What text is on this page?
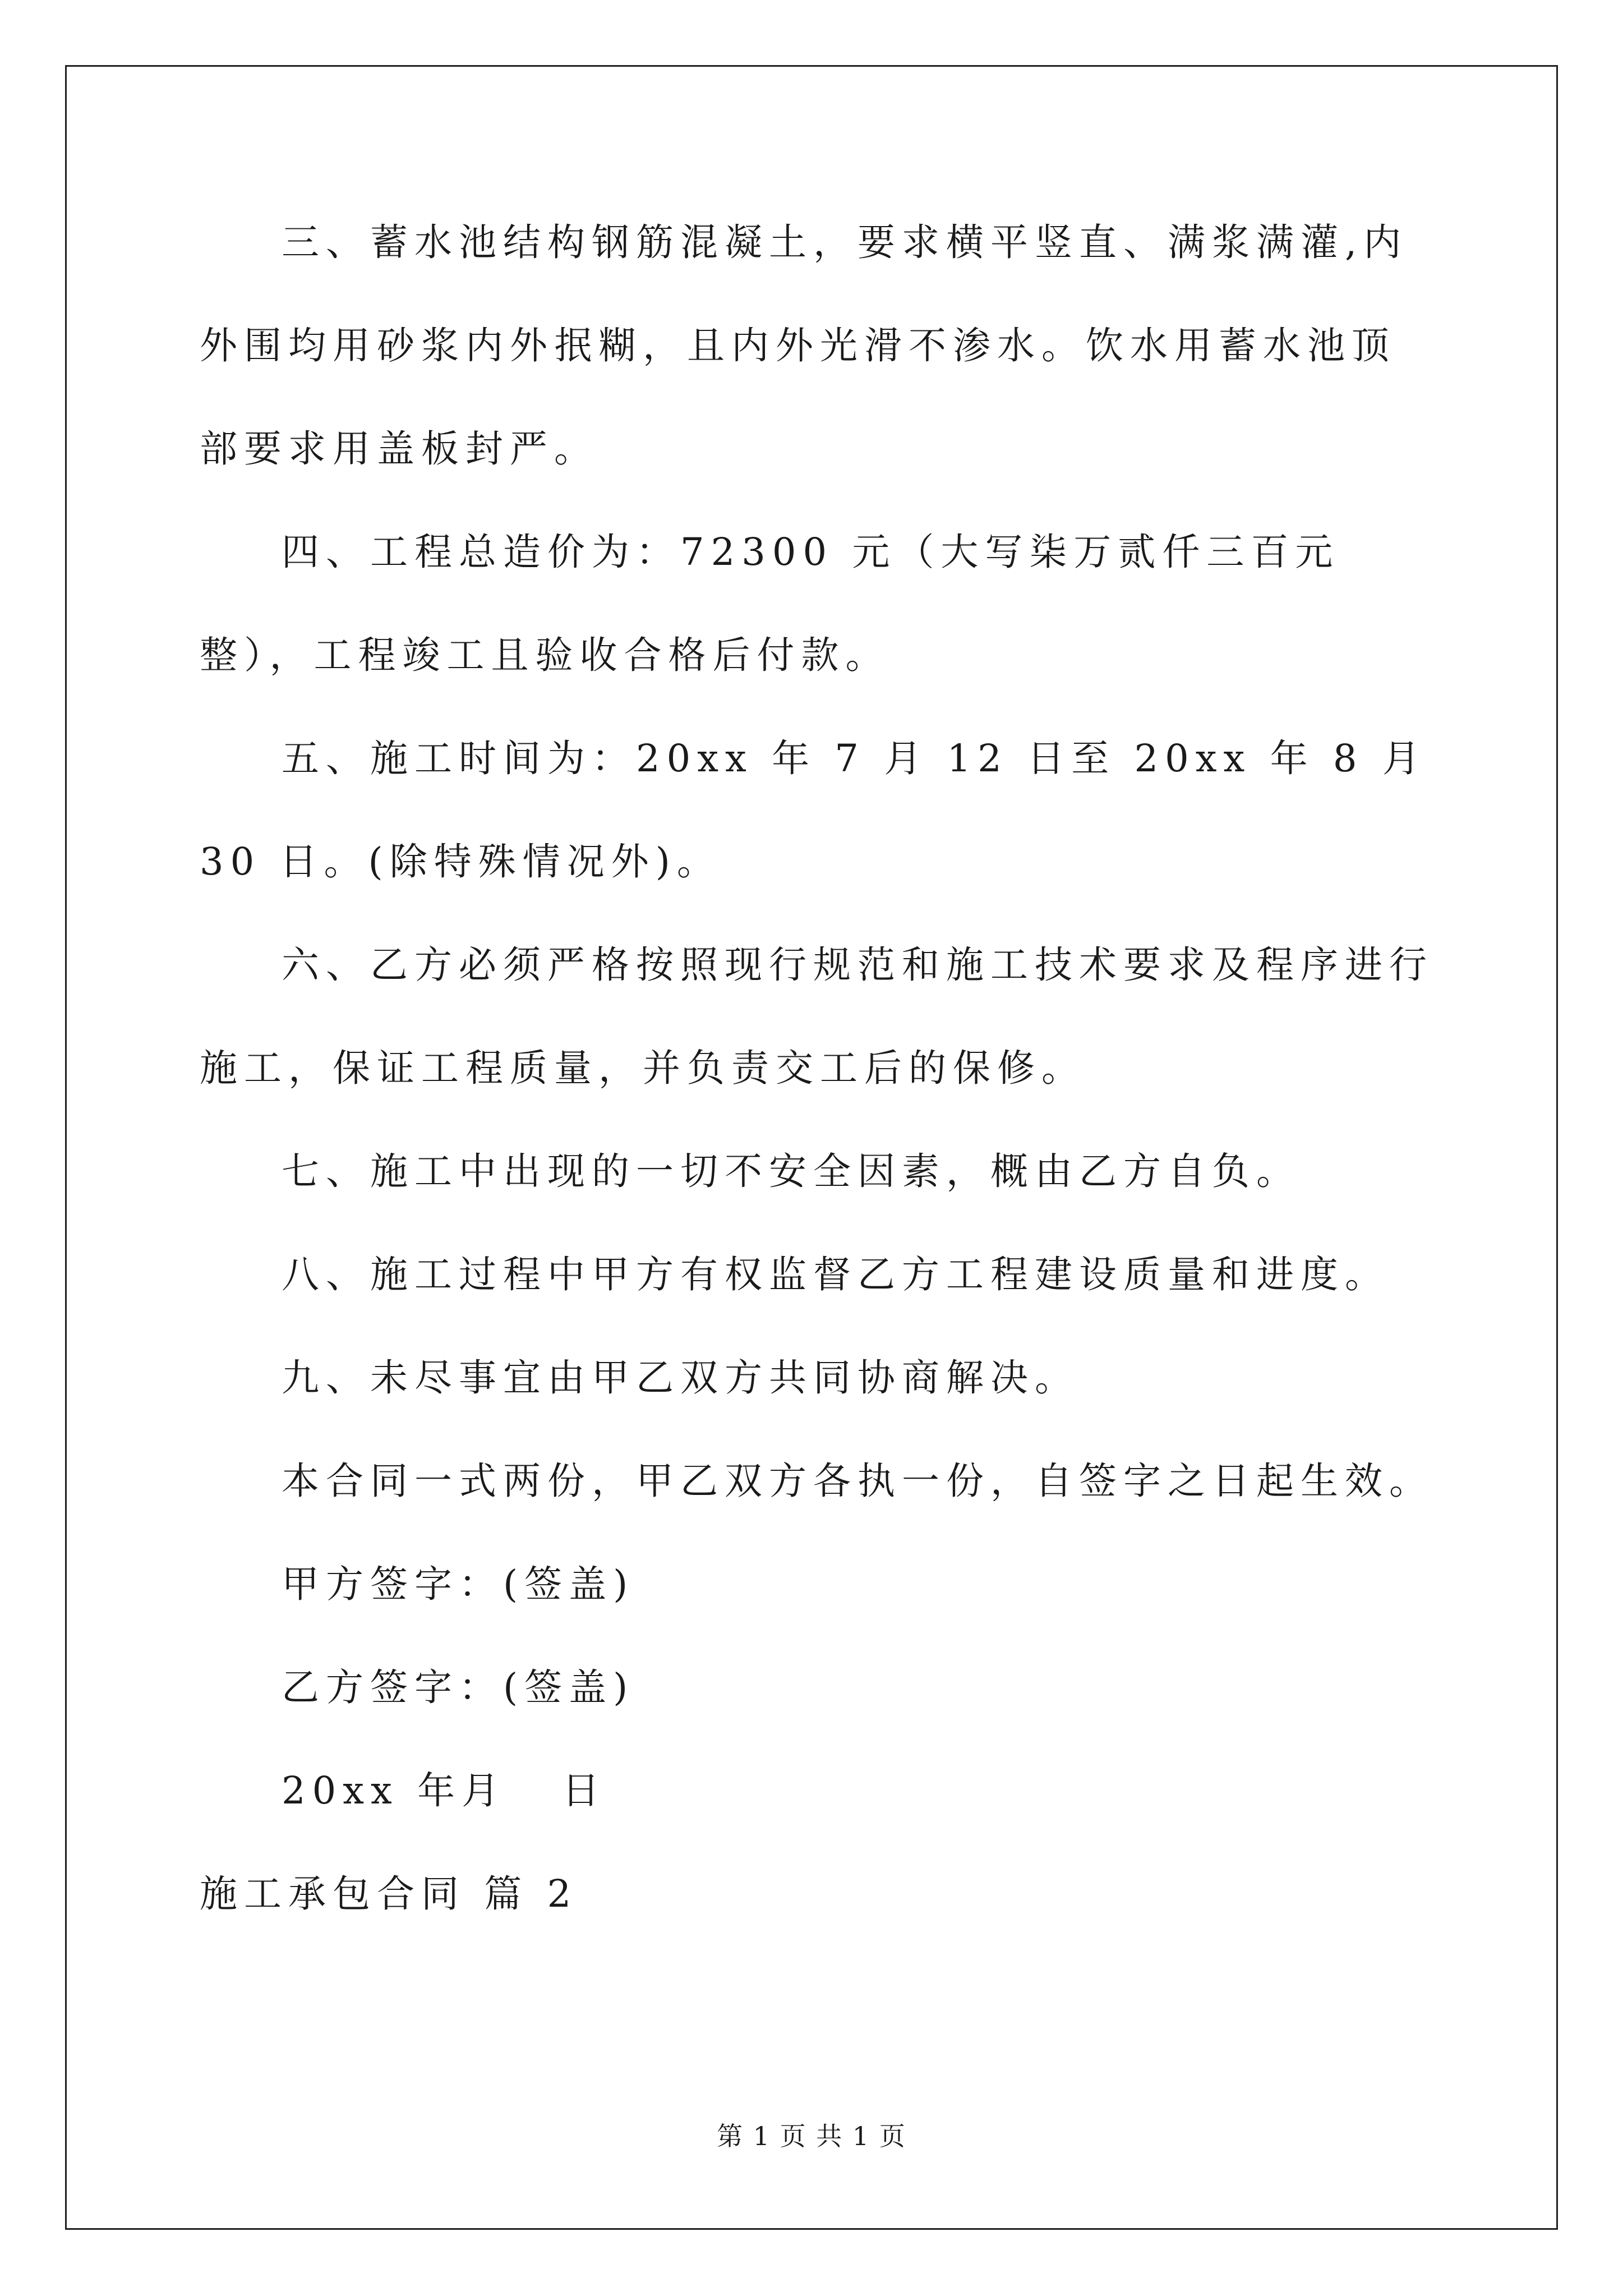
三、蓄水池结构钢筋混凝土，要求横平竖直、满浆满灌,内外围均用砂浆内外抿糊，且内外光滑不渗水。饮水用蓄水池顶部要求用盖板封严。

四、工程总造价为：72300 元（大写柒万贰仟三百元整），工程竣工且验收合格后付款。

五、施工时间为：20xx 年 7 月 12 日至 20xx 年 8 月 30 日。(除特殊情况外)。

六、乙方必须严格按照现行规范和施工技术要求及程序进行施工，保证工程质量，并负责交工后的保修。

七、施工中出现的一切不安全因素，概由乙方自负。

八、施工过程中甲方有权监督乙方工程建设质量和进度。

九、未尽事宜由甲乙双方共同协商解决。

本合同一式两份，甲乙双方各执一份，自签字之日起生效。

甲方签字：(签盖)

乙方签字：(签盖)

20xx 年月   日

施工承包合同 篇 2

第 1 页 共 1 页
